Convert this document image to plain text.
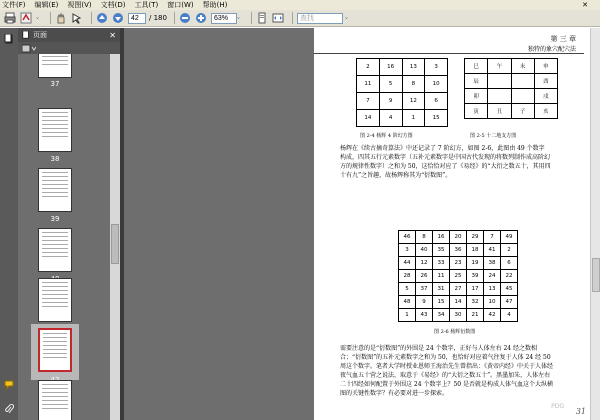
文件(F) 编辑(E) 视图(V) 文档(D) 工具(T) 窗口(W) 帮助(H)	✕
42
/ 180
63%	查找
页面	✕
37
38
39
43
第 三 章
独特的象穴配穴法
2	16	13	3
11	5	8	10
7	9	12	6
14	4	1	15
图 2-4 杨辉 4 阶幻方图
巳	午	未	申
辰			酉
卯			戌
寅	丑	子	亥
图 2-5 十二地支方图
杨辉在《续古摘奇算法》中还记录了 7 阶幻方，如图 2-6，此图由 49 个数字
构成，四其五行元素数字（五补元素数字是中国古代发现的将数列制作成高阶幻
方的规律性数字）之和为 50，这恰恰对应了《易经》的“大衍之数五十，其用四
十有九”之旨趣，故杨辉称其为“衍数图”。
46	8	16	20	29	7	49
3	40	35	36	18	41	2
44	12	33	23	19	38	6
28	26	11	25	39	24	22
5	37	31	27	17	13	45
48	9	15	14	32	10	47
1	43	34	30	21	42	4
图 2-6 杨辉衍数图
需要注意的是“衍数图”的外围是 24 个数字，正好与人体左右 24 经之数相
合；“衍数图”的五补元素数字之和为 50，也恰好对应着气往复于人体 24 经 50
周这个数字。笔者大学时授业恩师王海治先生曾指出：《黄帝内经》中关于人体经
夜气血五十营之说法，取意于《易经》的“大衍之数五十”。黑墨加朱，人体左右
二十四经如何配置于外围这 24 个数字上？50 是否就是构成人体气血这个大纵横
图的关键性数字？有必要对进一步探索。
PDG
31
